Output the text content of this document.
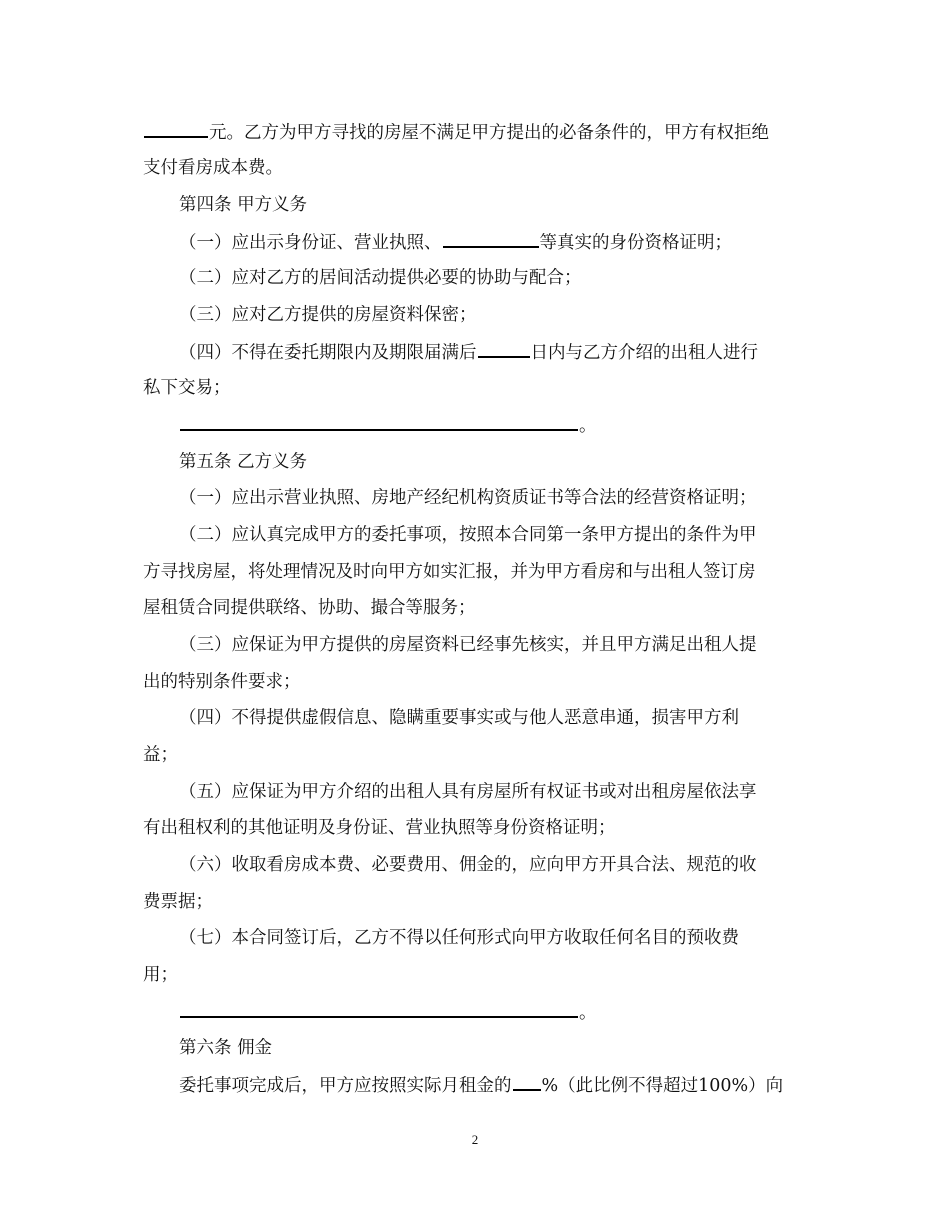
元。乙方为甲方寻找的房屋不满足甲方提出的必备条件的，甲方有权拒绝
支付看房成本费。
第四条 甲方义务
（一）应出示身份证、营业执照、	等真实的身份资格证明；
（二）应对乙方的居间活动提供必要的协助与配合；
（三）应对乙方提供的房屋资料保密；
（四）不得在委托期限内及期限届满后	日内与乙方介绍的出租人进行
私下交易；
。
第五条 乙方义务
（一）应出示营业执照、房地产经纪机构资质证书等合法的经营资格证明；
（二）应认真完成甲方的委托事项，按照本合同第一条甲方提出的条件为甲
方寻找房屋，将处理情况及时向甲方如实汇报，并为甲方看房和与出租人签订房
屋租赁合同提供联络、协助、撮合等服务；
（三）应保证为甲方提供的房屋资料已经事先核实，并且甲方满足出租人提
出的特别条件要求；
（四）不得提供虚假信息、隐瞒重要事实或与他人恶意串通，损害甲方利
益；
（五）应保证为甲方介绍的出租人具有房屋所有权证书或对出租房屋依法享
有出租权利的其他证明及身份证、营业执照等身份资格证明；
（六）收取看房成本费、必要费用、佣金的，应向甲方开具合法、规范的收
费票据；
（七）本合同签订后，乙方不得以任何形式向甲方收取任何名目的预收费
用；
。
第六条 佣金
委托事项完成后，甲方应按照实际月租金的 %（此比例不得超过100%）向
2
